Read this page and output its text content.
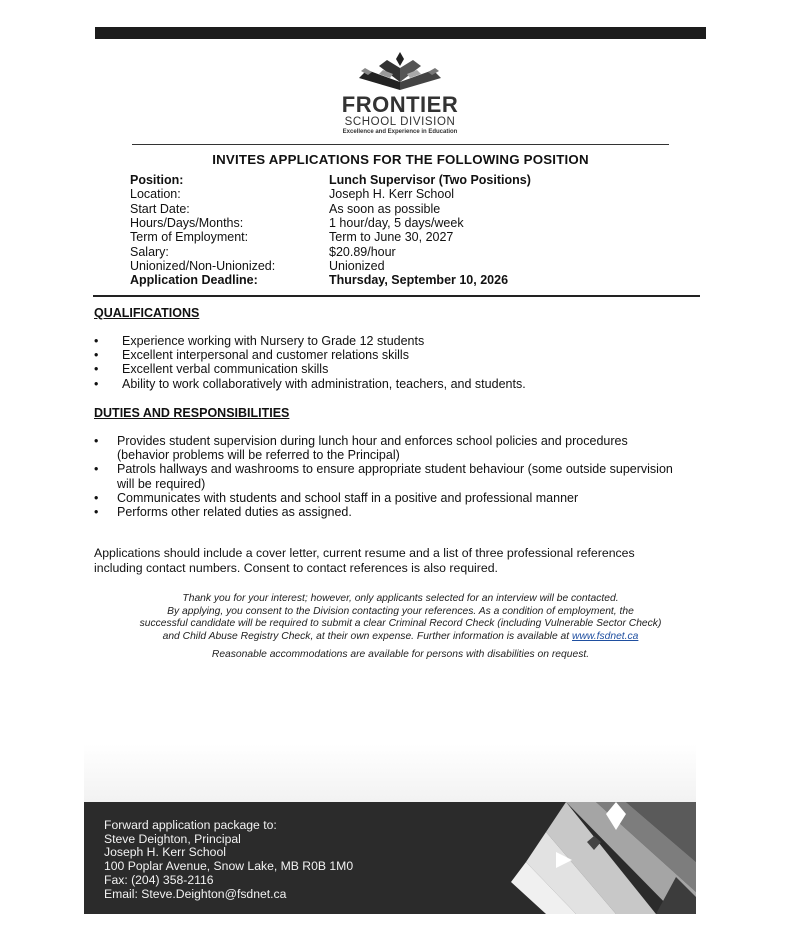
FRONTIER
SCHOOL DIVISION
Excellence and Experience in Education
INVITES APPLICATIONS FOR THE FOLLOWING POSITION
Position:	Lunch Supervisor (Two Positions)
Location:	Joseph H. Kerr School
Start Date:	As soon as possible
Hours/Days/Months:	1 hour/day, 5 days/week
Term of Employment:	Term to June 30, 2027
Salary:	$20.89/hour
Unionized/Non-Unionized:	Unionized
Application Deadline:	Thursday, September 10, 2026
QUALIFICATIONS
•	Experience working with Nursery to Grade 12 students
•	Excellent interpersonal and customer relations skills
•	Excellent verbal communication skills
•	Ability to work collaboratively with administration, teachers, and students.
DUTIES AND RESPONSIBILITIES
•	Provides student supervision during lunch hour and enforces school policies and procedures
(behavior problems will be referred to the Principal)
•	Patrols hallways and washrooms to ensure appropriate student behaviour (some outside supervision
will be required)
•	Communicates with students and school staff in a positive and professional manner
•	Performs other related duties as assigned.
Applications should include a cover letter, current resume and a list of three professional references
including contact numbers. Consent to contact references is also required.
Thank you for your interest; however, only applicants selected for an interview will be contacted.
By applying, you consent to the Division contacting your references. As a condition of employment, the
successful candidate will be required to submit a clear Criminal Record Check (including Vulnerable Sector Check)
and Child Abuse Registry Check, at their own expense. Further information is available at www.fsdnet.ca
Reasonable accommodations are available for persons with disabilities on request.
Forward application package to:
Steve Deighton, Principal
Joseph H. Kerr School
100 Poplar Avenue, Snow Lake, MB R0B 1M0
Fax: (204) 358-2116
Email: Steve.Deighton@fsdnet.ca
